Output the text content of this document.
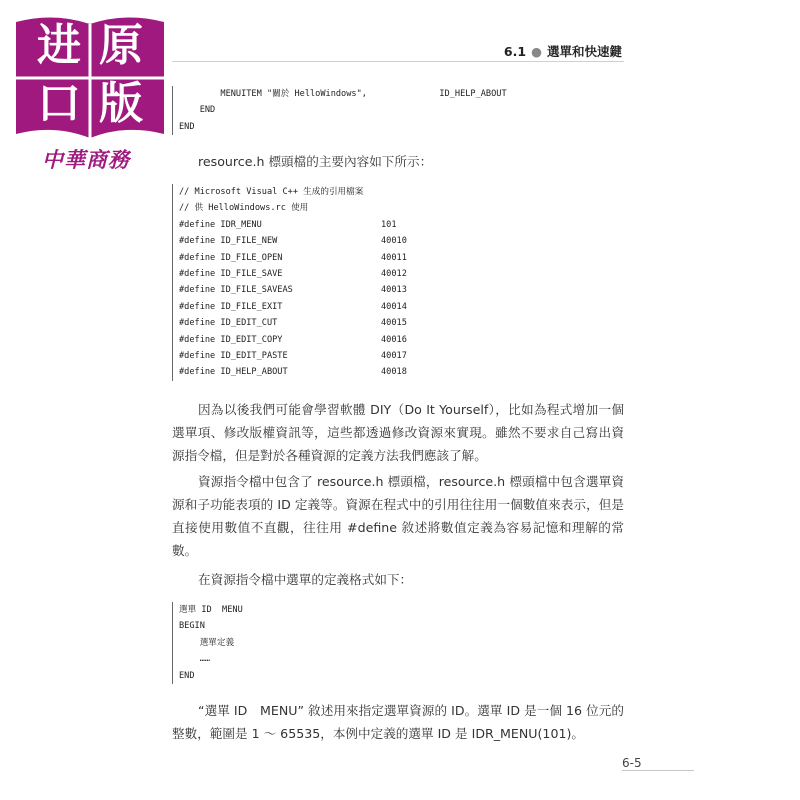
进 原
口 版
中華商務
6.1 ● 選單和快速鍵
MENUITEM "關於 HelloWindows",              ID_HELP_ABOUT
END
END

resource.h 標頭檔的主要內容如下所示：

// Microsoft Visual C++ 生成的引用檔案
// 供 HelloWindows.rc 使用
#define IDR_MENU	101
#define ID_FILE_NEW	40010
#define ID_FILE_OPEN	40011
#define ID_FILE_SAVE	40012
#define ID_FILE_SAVEAS	40013
#define ID_FILE_EXIT	40014
#define ID_EDIT_CUT	40015
#define ID_EDIT_COPY	40016
#define ID_EDIT_PASTE	40017
#define ID_HELP_ABOUT	40018

因為以後我們可能會學習軟體 DIY（Do It Yourself），比如為程式增加一個選單項、修改版權資訊等，這些都透過修改資源來實現。雖然不要求自己寫出資源指令檔，但是對於各種資源的定義方法我們應該了解。

資源指令檔中包含了 resource.h 標頭檔，resource.h 標頭檔中包含選單資源和子功能表項的 ID 定義等。資源在程式中的引用往往用一個數值來表示，但是直接使用數值不直觀，往往用 #define 敘述將數值定義為容易記憶和理解的常數。

在資源指令檔中選單的定義格式如下：

選單 ID  MENU
BEGIN
選單定義
……
END

“選單 ID　MENU” 敘述用來指定選單資源的 ID。選單 ID 是一個 16 位元的整數，範圍是 1 ～ 65535，本例中定義的選單 ID 是 IDR_MENU(101)。

6-5
